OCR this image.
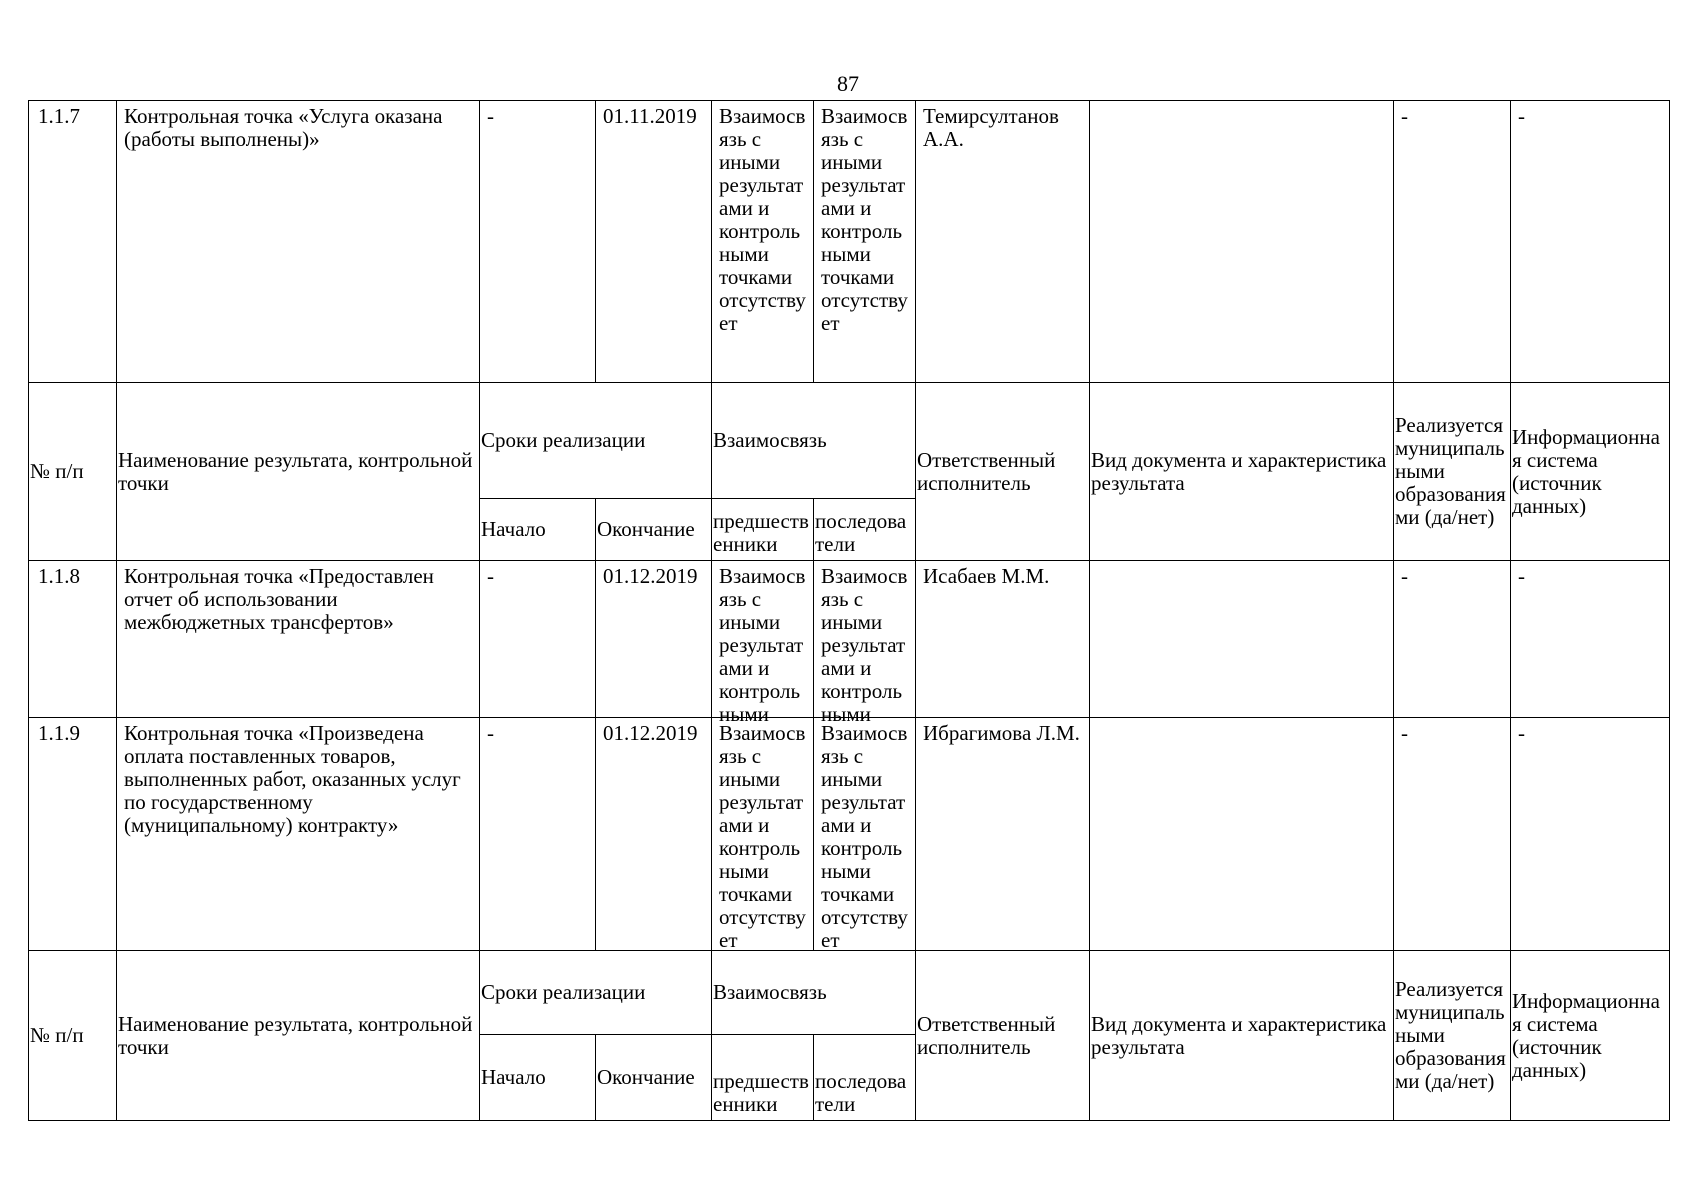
87
1.1.7	Контрольная точка «Услуга оказана (работы выполнены)»	-	01.11.2019	Взаимосвязь с иными результатами и контрольными точками отсутствует	Взаимосвязь с иными результатами и контрольными точками отсутствует	Темирсултанов А.А.		-	-
№ п/п	Наименование результата, контрольной точки	Сроки реализации		Взаимосвязь		Ответственный исполнитель	Вид документа и характеристика результата	Реализуется муниципальными образованиями (да/нет)	Информационная система (источник данных)
		Начало	Окончание	предшественники	последователи				
1.1.8	Контрольная точка «Предоставлен отчет об использовании межбюджетных трансфертов»	-	01.12.2019	Взаимосвязь с иными результатами и контрольными	Взаимосвязь с иными результатами и контрольными	Исабаев М.М.		-	-
1.1.9	Контрольная точка «Произведена оплата поставленных товаров, выполненных работ, оказанных услуг по государственному (муниципальному) контракту»	-	01.12.2019	Взаимосвязь с иными результатами и контрольными точками отсутствует	Взаимосвязь с иными результатами и контрольными точками отсутствует	Ибрагимова Л.М.		-	-
№ п/п	Наименование результата, контрольной точки	Сроки реализации		Взаимосвязь		Ответственный исполнитель	Вид документа и характеристика результата	Реализуется муниципальными образованиями (да/нет)	Информационная система (источник данных)
		Начало	Окончание	предшественники	последователи				
